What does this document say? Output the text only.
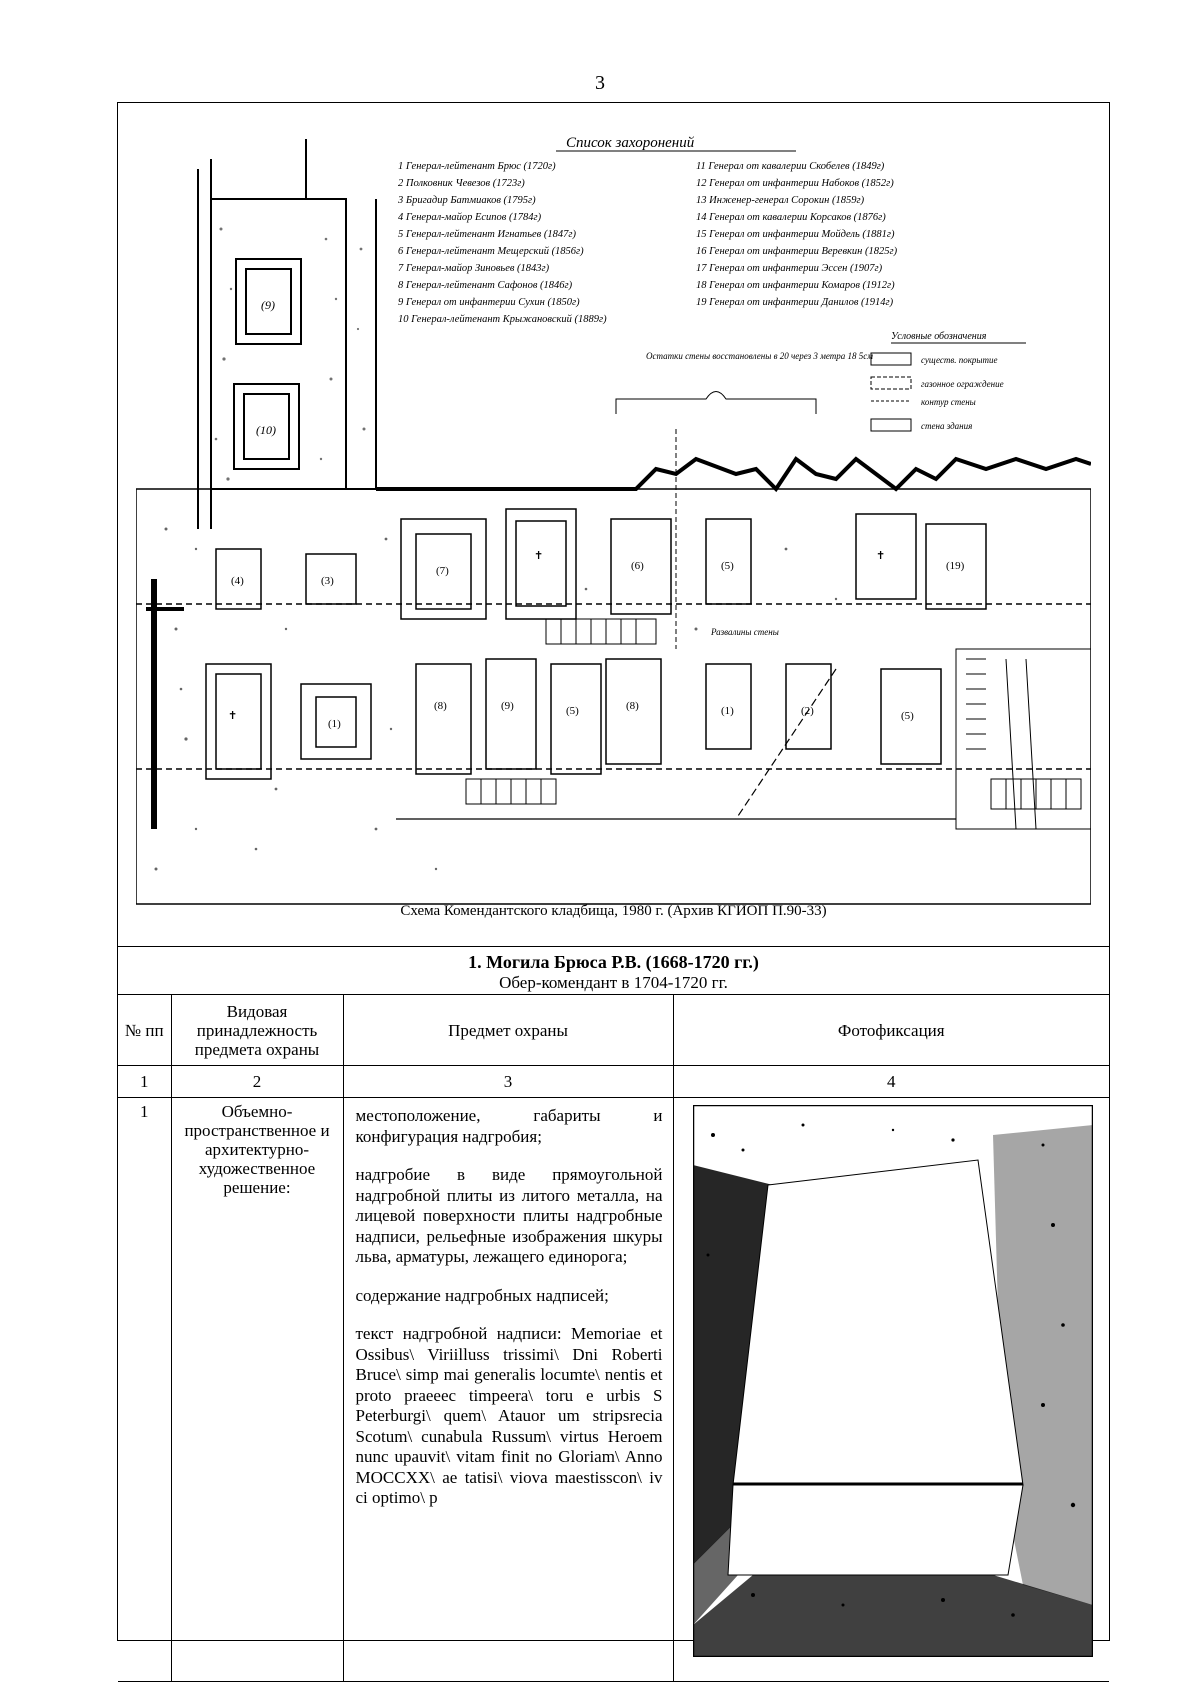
3
(9)
(10)
(4)	(3)
(7)
✝
(6)	(5)
✝
(19)
✝
(1)
(8)	(9)	(5)	(8)	(1)	(2)	(5)
Список захоронений
1 Генерал-лейтенант Брюс (1720г)
2 Полковник Чевезов (1723г)
3 Бригадир Батмиаков (1795г)
4 Генерал-майор Есипов (1784г)
5 Генерал-лейтенант Игнатьев (1847г)
6 Генерал-лейтенант Мещерский (1856г)
7 Генерал-майор Зиновьев (1843г)
8 Генерал-лейтенант Сафонов (1846г)
9 Генерал от инфантерии Сухин (1850г)
10 Генерал-лейтенант Крыжановский (1889г)
11 Генерал от кавалерии Скобелев (1849г)
12 Генерал от инфантерии Набоков (1852г)
13 Инженер-генерал Сорокин (1859г)
14 Генерал от кавалерии Корсаков (1876г)
15 Генерал от инфантерии Мойдель (1881г)
16 Генерал от инфантерии Веревкин (1825г)
17 Генерал от инфантерии Эссен (1907г)
18 Генерал от инфантерии Комаров (1912г)
19 Генерал от инфантерии Данилов (1914г)
Остатки стены восстановлены в 20 через 3 метра 18 5см
Условные обозначения
существ. покрытие
газонное ограждение
контур стены
стена здания
Развалины стены
Схема Комендантского кладбища, 1980 г. (Архив КГИОП П.90-33)
1. Могила Брюса Р.В. (1668-1720 гг.)
Обер-комендант в 1704-1720 гг.
№ пп	Видовая принадлежность предмета охраны	Предмет охраны	Фотофиксация
1	2	3	4
1	Объемно-пространственное и архитектурно-художественное решение:	местоположение, габариты и конфигурация надгробия;

надгробие в виде прямоугольной надгробной плиты из литого металла, на лицевой поверхности плиты надгробные надписи, рельефные изображения шкуры льва, арматуры, лежащего единорога;

содержание надгробных надписей;

текст надгробной надписи: Memoriae et Ossibus\ Viriilluss trissimi\ Dni Roberti Bruce\ simp mai generalis locumte\ nentis et proto praeeec timpeera\ toru e urbis S Peterburgi\ quem\ Atauor um stripsrecia Scotum\ cunabula Russum\ virtus Heroem nunc upauvit\ vitam finit no Gloriam\ Anno MOCCXX\ ae tatisi\ viova maestisscon\ iv ci optimo\ p
